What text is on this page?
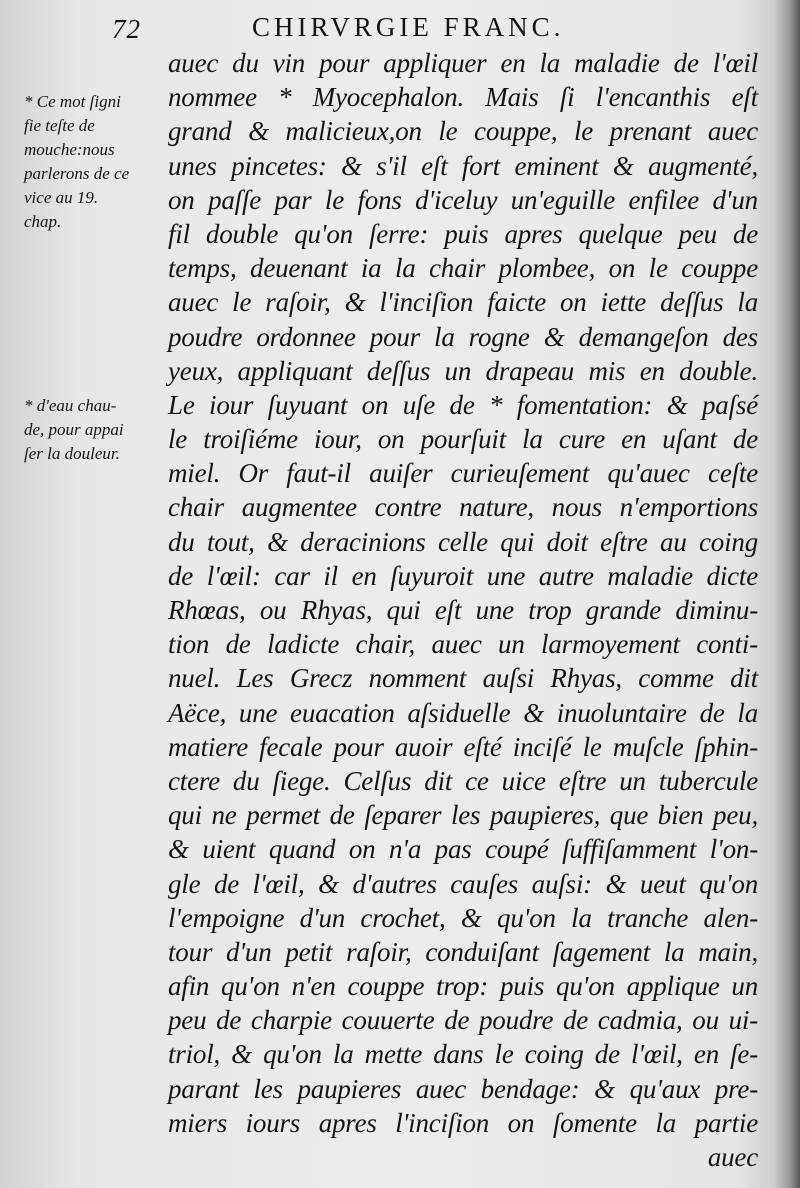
72	CHIRVRGIE FRANC.
* Ce mot ſigni
fie teſte de
mouche:nous
parlerons de ce
vice au 19.
chap.
* d'eau chau-
de, pour appai
ſer la douleur.
auec du vin pour appliquer en la maladie de l'œil
nommee * Myocephalon. Mais ſi l'encanthis eſt
grand & malicieux,on le couppe, le prenant auec
unes pincetes: & s'il eſt fort eminent & augmenté,
on paſſe par le fons d'iceluy un'eguille enfilee d'un
fil double qu'on ſerre: puis apres quelque peu de
temps, deuenant ia la chair plombee, on le couppe
auec le raſoir, & l'inciſion faicte on iette deſſus la
poudre ordonnee pour la rogne & demangeſon des
yeux, appliquant deſſus un drapeau mis en double.
Le iour ſuyuant on uſe de * fomentation: & paſsé
le troiſiéme iour, on pourſuit la cure en uſant de
miel. Or faut-il auiſer curieuſement qu'auec ceſte
chair augmentee contre nature, nous n'emportions
du tout, & deracinions celle qui doit eſtre au coing
de l'œil: car il en ſuyuroit une autre maladie dicte
Rhœas, ou Rhyas, qui eſt une trop grande diminu-
tion de ladicte chair, auec un larmoyement conti-
nuel. Les Grecz nomment auſsi Rhyas, comme dit
Aëce, une euacation aſsiduelle & inuoluntaire de la
matiere fecale pour auoir eſté inciſé le muſcle ſphin-
ctere du ſiege. Celſus dit ce uice eſtre un tubercule
qui ne permet de ſeparer les paupieres, que bien peu,
& uient quand on n'a pas coupé ſuffiſamment l'on-
gle de l'œil, & d'autres cauſes auſsi: & ueut qu'on
l'empoigne d'un crochet, & qu'on la tranche alen-
tour d'un petit raſoir, conduiſant ſagement la main,
afin qu'on n'en couppe trop: puis qu'on applique un
peu de charpie couuerte de poudre de cadmia, ou ui-
triol, & qu'on la mette dans le coing de l'œil, en ſe-
parant les paupieres auec bendage: & qu'aux pre-
miers iours apres l'inciſion on ſomente la partie
auec
